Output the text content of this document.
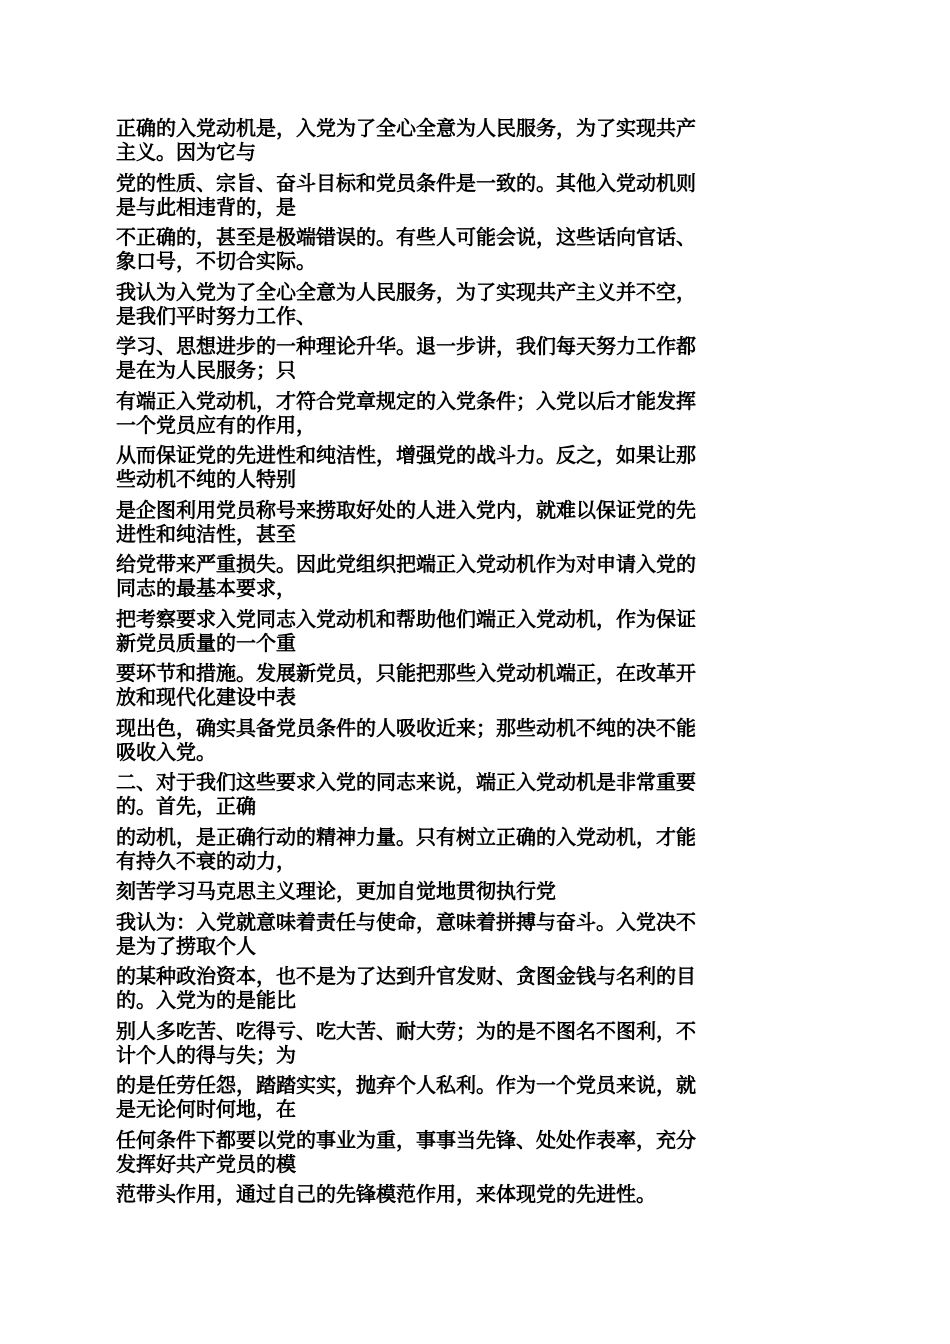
正确的入党动机是，入党为了全心全意为人民服务，为了实现共产
主义。因为它与
党的性质、宗旨、奋斗目标和党员条件是一致的。其他入党动机则
是与此相违背的，是
不正确的，甚至是极端错误的。有些人可能会说，这些话向官话、
象口号，不切合实际。
我认为入党为了全心全意为人民服务，为了实现共产主义并不空，
是我们平时努力工作、
学习、思想进步的一种理论升华。退一步讲，我们每天努力工作都
是在为人民服务；只
有端正入党动机，才符合党章规定的入党条件；入党以后才能发挥
一个党员应有的作用，
从而保证党的先进性和纯洁性，增强党的战斗力。反之，如果让那
些动机不纯的人特别
是企图利用党员称号来捞取好处的人进入党内，就难以保证党的先
进性和纯洁性，甚至
给党带来严重损失。因此党组织把端正入党动机作为对申请入党的
同志的最基本要求，
把考察要求入党同志入党动机和帮助他们端正入党动机，作为保证
新党员质量的一个重
要环节和措施。发展新党员，只能把那些入党动机端正，在改革开
放和现代化建设中表
现出色，确实具备党员条件的人吸收近来；那些动机不纯的决不能
吸收入党。
二、对于我们这些要求入党的同志来说，端正入党动机是非常重要
的。首先，正确
的动机，是正确行动的精神力量。只有树立正确的入党动机，才能
有持久不衰的动力，
刻苦学习马克思主义理论，更加自觉地贯彻执行党
我认为：入党就意味着责任与使命，意味着拼搏与奋斗。入党决不
是为了捞取个人
的某种政治资本，也不是为了达到升官发财、贪图金钱与名利的目
的。入党为的是能比
别人多吃苦、吃得亏、吃大苦、耐大劳；为的是不图名不图利，不
计个人的得与失；为
的是任劳任怨，踏踏实实，抛弃个人私利。作为一个党员来说，就
是无论何时何地，在
任何条件下都要以党的事业为重，事事当先锋、处处作表率，充分
发挥好共产党员的模
范带头作用，通过自己的先锋模范作用，来体现党的先进性。
